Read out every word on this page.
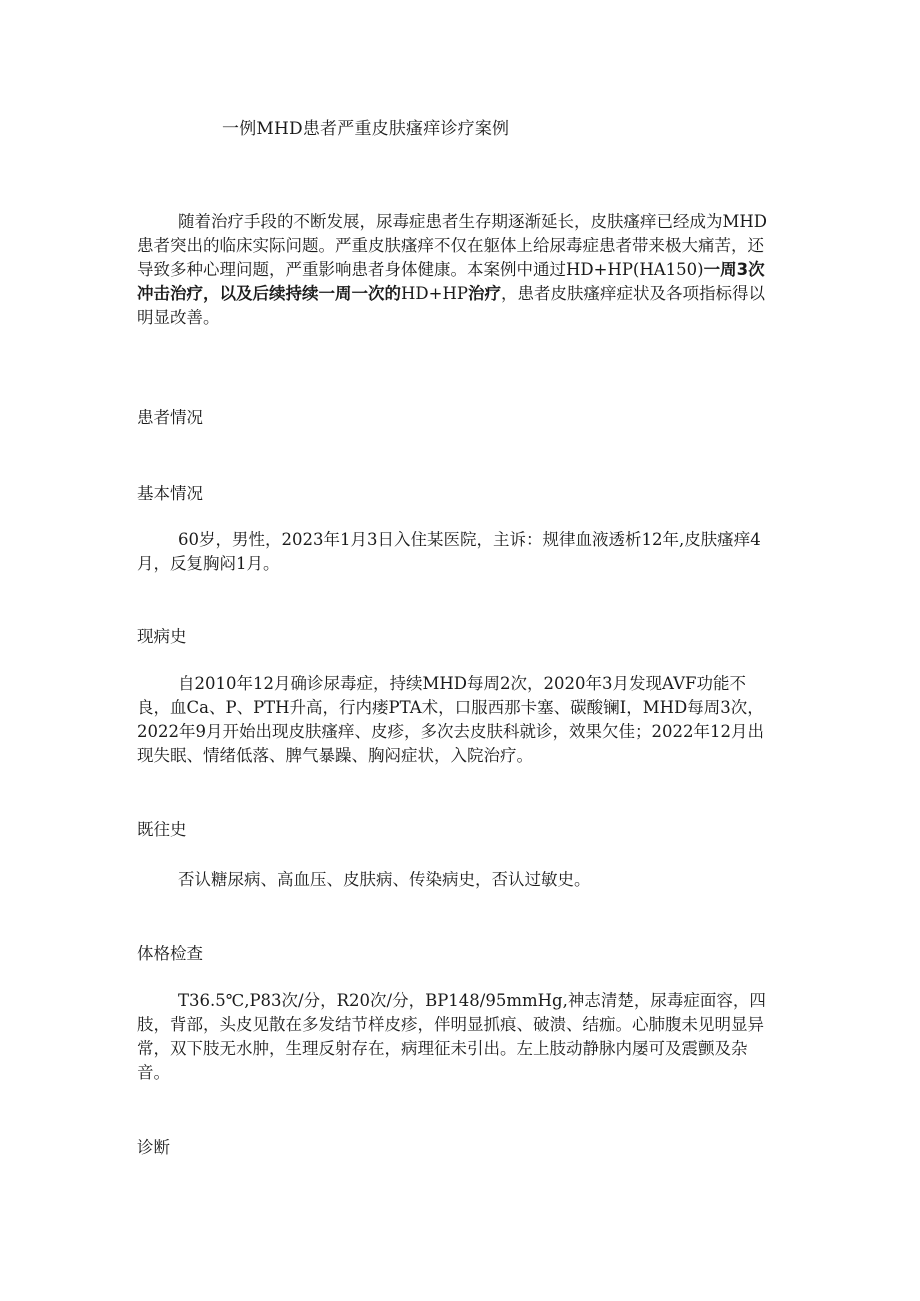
一例MHD患者严重皮肤瘙痒诊疗案例

随着治疗手段的不断发展，尿毒症患者生存期逐渐延长，皮肤瘙痒已经成为MHD患者突出的临床实际问题。严重皮肤瘙痒不仅在躯体上给尿毒症患者带来极大痛苦，还导致多种心理问题，严重影响患者身体健康。本案例中通过HD+HP(HA150)一周3次冲击治疗，以及后续持续一周一次的HD+HP治疗，患者皮肤瘙痒症状及各项指标得以明显改善。

患者情况
基本情况

60岁，男性，2023年1月3日入住某医院，主诉：规律血液透析12年,皮肤瘙痒4月，反复胸闷1月。

现病史

自2010年12月确诊尿毒症，持续MHD每周2次，2020年3月发现AVF功能不良，血Ca、P、PTH升高，行内瘘PTA术，口服西那卡塞、碳酸镧I，MHD每周3次，2022年9月开始出现皮肤瘙痒、皮疹，多次去皮肤科就诊，效果欠佳；2022年12月出现失眠、情绪低落、脾气暴躁、胸闷症状，入院治疗。

既往史

否认糖尿病、高血压、皮肤病、传染病史，否认过敏史。

体格检查

T36.5℃,P83次/分，R20次/分，BP148/95mmHg,神志清楚，尿毒症面容，四肢，背部，头皮见散在多发结节样皮疹，伴明显抓痕、破溃、结痂。心肺腹未见明显异常，双下肢无水肿，生理反射存在，病理征未引出。左上肢动静脉内屡可及震颤及杂音。

诊断
